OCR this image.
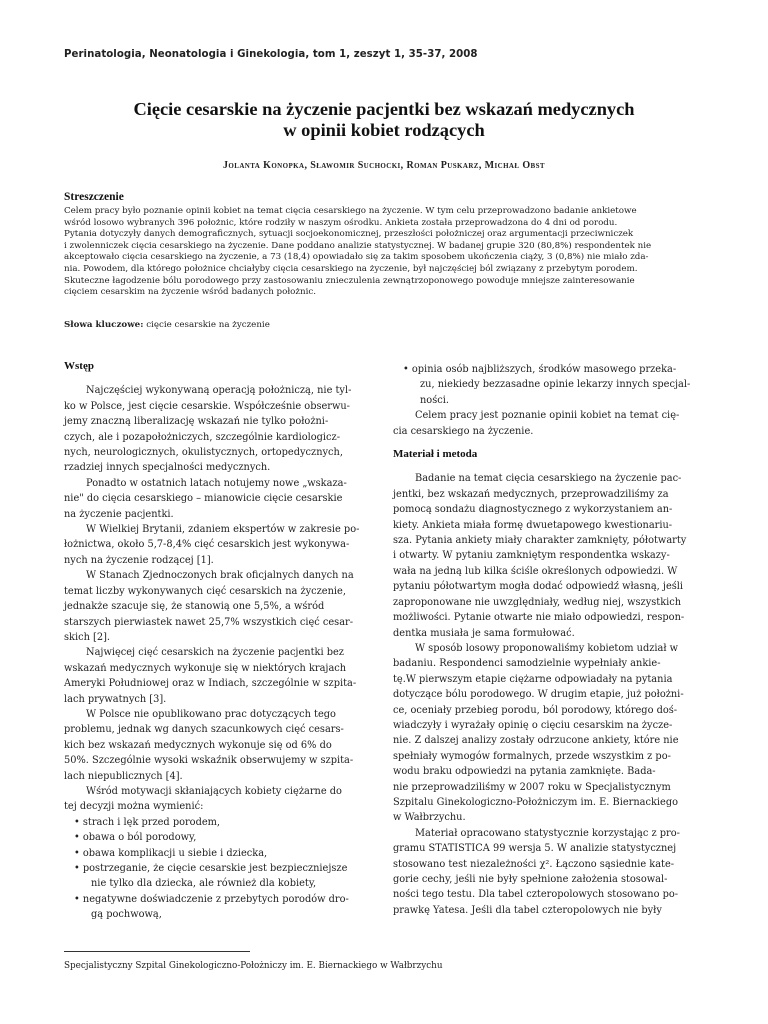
Perinatologia, Neonatologia i Ginekologia, tom 1, zeszyt 1, 35-37, 2008
Cięcie cesarskie na życzenie pacjentki bez wskazań medycznych
w opinii kobiet rodzących
Jolanta Konopka, Sławomir Suchocki, Roman Puskarz, Michał Obst
Streszczenie
Celem pracy było poznanie opinii kobiet na temat cięcia cesarskiego na życzenie. W tym celu przeprowadzono badanie ankietowe
wśród losowo wybranych 396 położnic, które rodziły w naszym ośrodku. Ankieta została przeprowadzona do 4 dni od porodu.
Pytania dotyczyły danych demograficznych, sytuacji socjoekonomicznej, przeszłości położniczej oraz argumentacji przeciwniczek
i zwolenniczek cięcia cesarskiego na życzenie. Dane poddano analizie statystycznej. W badanej grupie 320 (80,8%) respondentek nie
akceptowało cięcia cesarskiego na życzenie, a 73 (18,4) opowiadało się za takim sposobem ukończenia ciąży, 3 (0,8%) nie miało zda-
nia. Powodem, dla którego położnice chciałyby cięcia cesarskiego na życzenie, był najczęściej ból związany z przebytym porodem.
Skuteczne łagodzenie bólu porodowego przy zastosowaniu znieczulenia zewnątrzoponowego powoduje mniejsze zainteresowanie
cięciem cesarskim na życzenie wśród badanych położnic.
Słowa kluczowe: cięcie cesarskie na życzenie
Wstęp
Najczęściej wykonywaną operacją położniczą, nie tyl-
ko w Polsce, jest cięcie cesarskie. Współcześnie obserwu-
jemy znaczną liberalizację wskazań nie tylko położni-
czych, ale i pozapołożniczych, szczególnie kardiologicz-
nych, neurologicznych, okulistycznych, ortopedycznych,
rzadziej innych specjalności medycznych.
Ponadto w ostatnich latach notujemy nowe „wskaza-
nie" do cięcia cesarskiego – mianowicie cięcie cesarskie
na życzenie pacjentki.
W Wielkiej Brytanii, zdaniem ekspertów w zakresie po-
łożnictwa, około 5,7-8,4% cięć cesarskich jest wykonywa-
nych na życzenie rodzącej [1].
W Stanach Zjednoczonych brak oficjalnych danych na
temat liczby wykonywanych cięć cesarskich na życzenie,
jednakże szacuje się, że stanowią one 5,5%, a wśród
starszych pierwiastek nawet 25,7% wszystkich cięć cesar-
skich [2].
Najwięcej cięć cesarskich na życzenie pacjentki bez
wskazań medycznych wykonuje się w niektórych krajach
Ameryki Południowej oraz w Indiach, szczególnie w szpita-
lach prywatnych [3].
W Polsce nie opublikowano prac dotyczących tego
problemu, jednak wg danych szacunkowych cięć cesars-
kich bez wskazań medycznych wykonuje się od 6% do
50%. Szczególnie wysoki wskaźnik obserwujemy w szpita-
lach niepublicznych [4].
Wśród motywacji skłaniających kobiety ciężarne do
tej decyzji można wymienić:
• strach i lęk przed porodem,
• obawa o ból porodowy,
• obawa komplikacji u siebie i dziecka,
• postrzeganie, że cięcie cesarskie jest bezpieczniejsze
nie tylko dla dziecka, ale również dla kobiety,
• negatywne doświadczenie z przebytych porodów dro-
gą pochwową,
• opinia osób najbliższych, środków masowego przeka-
zu, niekiedy bezzasadne opinie lekarzy innych specjal-
ności.
Celem pracy jest poznanie opinii kobiet na temat cię-
cia cesarskiego na życzenie.
Materiał i metoda
Badanie na temat cięcia cesarskiego na życzenie pac-
jentki, bez wskazań medycznych, przeprowadziliśmy za
pomocą sondażu diagnostycznego z wykorzystaniem an-
kiety. Ankieta miała formę dwuetapowego kwestionariu-
sza. Pytania ankiety miały charakter zamknięty, półotwarty
i otwarty. W pytaniu zamkniętym respondentka wskazy-
wała na jedną lub kilka ściśle określonych odpowiedzi. W
pytaniu półotwartym mogła dodać odpowiedź własną, jeśli
zaproponowane nie uwzględniały, według niej, wszystkich
możliwości. Pytanie otwarte nie miało odpowiedzi, respon-
dentka musiała je sama formułować.
W sposób losowy proponowaliśmy kobietom udział w
badaniu. Respondenci samodzielnie wypełniały ankie-
tę.W pierwszym etapie ciężarne odpowiadały na pytania
dotyczące bólu porodowego. W drugim etapie, już położni-
ce, oceniały przebieg porodu, ból porodowy, którego doś-
wiadczyły i wyrażały opinię o cięciu cesarskim na życze-
nie. Z dalszej analizy zostały odrzucone ankiety, które nie
spełniały wymogów formalnych, przede wszystkim z po-
wodu braku odpowiedzi na pytania zamknięte. Bada-
nie przeprowadziliśmy w 2007 roku w Specjalistycznym
Szpitalu Ginekologiczno-Położniczym im. E. Biernackiego
w Wałbrzychu.
Materiał opracowano statystycznie korzystając z pro-
gramu STATISTICA 99 wersja 5. W analizie statystycznej
stosowano test niezależności χ². Łączono sąsiednie kate-
gorie cechy, jeśli nie były spełnione założenia stosowal-
ności tego testu. Dla tabel czteropolowych stosowano po-
prawkę Yatesa. Jeśli dla tabel czteropolowych nie były
Specjalistyczny Szpital Ginekologiczno-Położniczy im. E. Biernackiego w Wałbrzychu
